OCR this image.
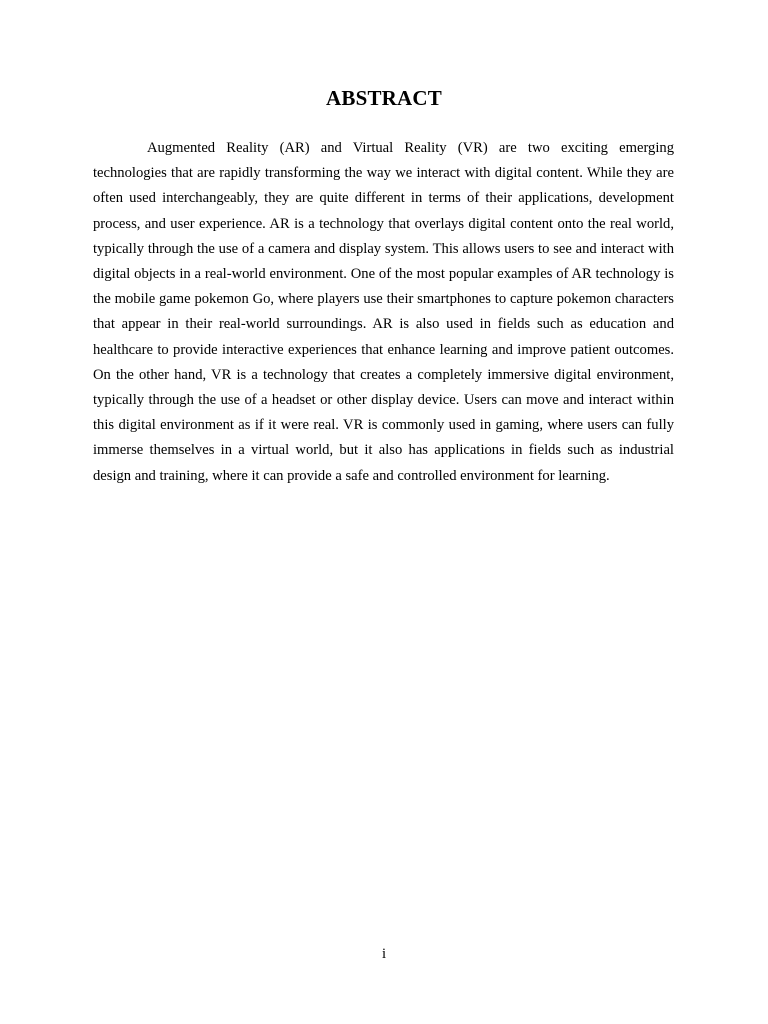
ABSTRACT

Augmented Reality (AR) and Virtual Reality (VR) are two exciting emerging technologies that are rapidly transforming the way we interact with digital content. While they are often used interchangeably, they are quite different in terms of their applications, development process, and user experience. AR is a technology that overlays digital content onto the real world, typically through the use of a camera and display system. This allows users to see and interact with digital objects in a real-world environment. One of the most popular examples of AR technology is the mobile game pokemon Go, where players use their smartphones to capture pokemon characters that appear in their real-world surroundings. AR is also used in fields such as education and healthcare to provide interactive experiences that enhance learning and improve patient outcomes. On the other hand, VR is a technology that creates a completely immersive digital environment, typically through the use of a headset or other display device. Users can move and interact within this digital environment as if it were real. VR is commonly used in gaming, where users can fully immerse themselves in a virtual world, but it also has applications in fields such as industrial design and training, where it can provide a safe and controlled environment for learning.

i
